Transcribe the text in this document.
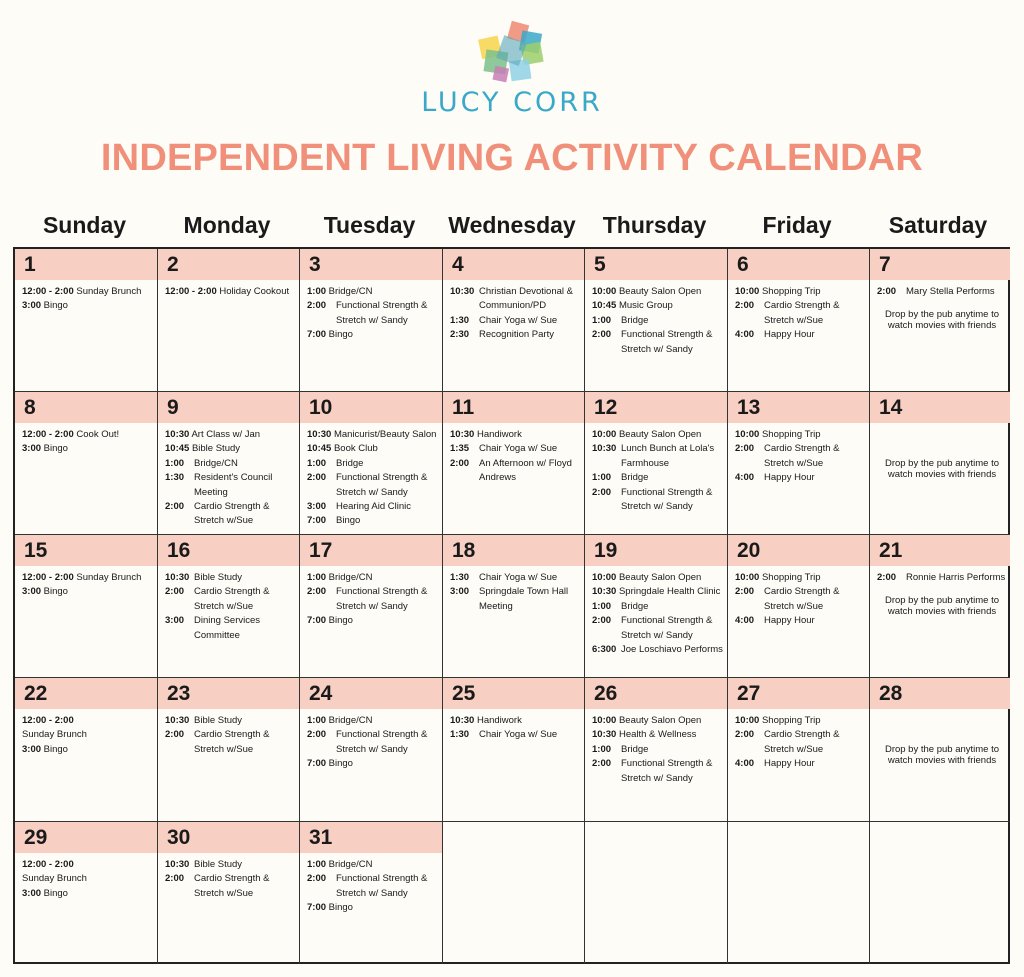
LUCY CORR
INDEPENDENT LIVING ACTIVITY CALENDAR
Sunday	Monday	Tuesday	Wednesday	Thursday	Friday	Saturday
1
12:00 - 2:00 Sunday Brunch
3:00 Bingo
2
12:00 - 2:00 Holiday Cookout
3
1:00 Bridge/CN
2:00 Functional Strength & Stretch w/ Sandy
7:00 Bingo
4
10:30 Christian Devotional & Communion/PD
1:30 Chair Yoga w/ Sue
2:30 Recognition Party
5
10:00 Beauty Salon Open
10:45 Music Group
1:00 Bridge
2:00 Functional Strength & Stretch w/ Sandy
6
10:00 Shopping Trip
2:00 Cardio Strength & Stretch w/Sue
4:00 Happy Hour
7
2:00 Mary Stella Performs
Drop by the pub anytime to watch movies with friends
8
12:00 - 2:00 Cook Out!
3:00 Bingo
9
10:30 Art Class w/ Jan
10:45 Bible Study
1:00 Bridge/CN
1:30 Resident's Council Meeting
2:00 Cardio Strength & Stretch w/Sue
10
10:30 Manicurist/Beauty Salon
10:45 Book Club
1:00 Bridge
2:00 Functional Strength & Stretch w/ Sandy
3:00 Hearing Aid Clinic
7:00 Bingo
11
10:30 Handiwork
1:35 Chair Yoga w/ Sue
2:00 An Afternoon w/ Floyd Andrews
12
10:00 Beauty Salon Open
10:30 Lunch Bunch at Lola's Farmhouse
1:00 Bridge
2:00 Functional Strength & Stretch w/ Sandy
13
10:00 Shopping Trip
2:00 Cardio Strength & Stretch w/Sue
4:00 Happy Hour
14
Drop by the pub anytime to watch movies with friends
15
12:00 - 2:00 Sunday Brunch
3:00 Bingo
16
10:30 Bible Study
2:00 Cardio Strength & Stretch w/Sue
3:00 Dining Services Committee
17
1:00 Bridge/CN
2:00 Functional Strength & Stretch w/ Sandy
7:00 Bingo
18
1:30 Chair Yoga w/ Sue
3:00 Springdale Town Hall Meeting
19
10:00 Beauty Salon Open
10:30 Springdale Health Clinic
1:00 Bridge
2:00 Functional Strength & Stretch w/ Sandy
6:300 Joe Loschiavo Performs
20
10:00 Shopping Trip
2:00 Cardio Strength & Stretch w/Sue
4:00 Happy Hour
21
2:00 Ronnie Harris Performs
Drop by the pub anytime to watch movies with friends
22
12:00 - 2:00
Sunday Brunch
3:00 Bingo
23
10:30 Bible Study
2:00 Cardio Strength & Stretch w/Sue
24
1:00 Bridge/CN
2:00 Functional Strength & Stretch w/ Sandy
7:00 Bingo
25
10:30 Handiwork
1:30 Chair Yoga w/ Sue
26
10:00 Beauty Salon Open
10:30 Health & Wellness
1:00 Bridge
2:00 Functional Strength & Stretch w/ Sandy
27
10:00 Shopping Trip
2:00 Cardio Strength & Stretch w/Sue
4:00 Happy Hour
28
Drop by the pub anytime to watch movies with friends
29
12:00 - 2:00
Sunday Brunch
3:00 Bingo
30
10:30 Bible Study
2:00 Cardio Strength & Stretch w/Sue
31
1:00 Bridge/CN
2:00 Functional Strength & Stretch w/ Sandy
7:00 Bingo
